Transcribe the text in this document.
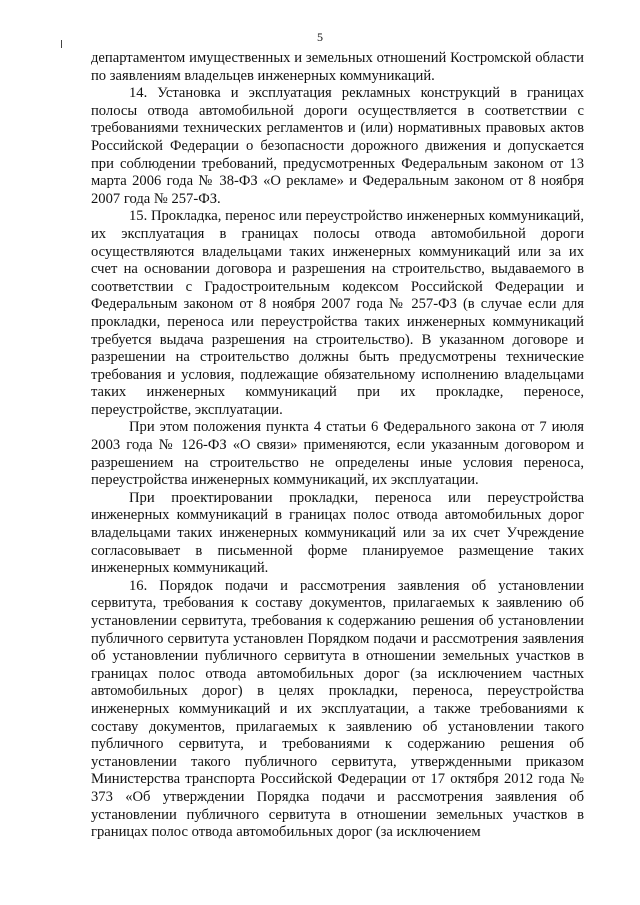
5

департаментом имущественных и земельных отношений Костромской области по заявлениям владельцев инженерных коммуникаций.

14. Установка и эксплуатация рекламных конструкций в границах полосы отвода автомобильной дороги осуществляется в соответствии с требованиями технических регламентов и (или) нормативных правовых актов Российской Федерации о безопасности дорожного движения и допускается при соблюдении требований, предусмотренных Федеральным законом от 13 марта 2006 года № 38-ФЗ «О рекламе» и Федеральным законом от 8 ноября 2007 года № 257-ФЗ.

15. Прокладка, перенос или переустройство инженерных коммуникаций, их эксплуатация в границах полосы отвода автомобильной дороги осуществляются владельцами таких инженерных коммуникаций или за их счет на основании договора и разрешения на строительство, выдаваемого в соответствии с Градостроительным кодексом Российской Федерации и Федеральным законом от 8 ноября 2007 года № 257-ФЗ (в случае если для прокладки, переноса или переустройства таких инженерных коммуникаций требуется выдача разрешения на строительство). В указанном договоре и разрешении на строительство должны быть предусмотрены технические требования и условия, подлежащие обязательному исполнению владельцами таких инженерных коммуникаций при их прокладке, переносе, переустройстве, эксплуатации.

При этом положения пункта 4 статьи 6 Федерального закона от 7 июля 2003 года № 126-ФЗ «О связи» применяются, если указанным договором и разрешением на строительство не определены иные условия переноса, переустройства инженерных коммуникаций, их эксплуатации.

При проектировании прокладки, переноса или переустройства инженерных коммуникаций в границах полос отвода автомобильных дорог владельцами таких инженерных коммуникаций или за их счет Учреждение согласовывает в письменной форме планируемое размещение таких инженерных коммуникаций.

16. Порядок подачи и рассмотрения заявления об установлении сервитута, требования к составу документов, прилагаемых к заявлению об установлении сервитута, требования к содержанию решения об установлении публичного сервитута установлен Порядком подачи и рассмотрения заявления об установлении публичного сервитута в отношении земельных участков в границах полос отвода автомобильных дорог (за исключением частных автомобильных дорог) в целях прокладки, переноса, переустройства инженерных коммуникаций и их эксплуатации, а также требованиями к составу документов, прилагаемых к заявлению об установлении такого публичного сервитута, и требованиями к содержанию решения об установлении такого публичного сервитута, утвержденными приказом Министерства транспорта Российской Федерации от 17 октября 2012 года № 373 «Об утверждении Порядка подачи и рассмотрения заявления об установлении публичного сервитута в отношении земельных участков в границах полос отвода автомобильных дорог (за исключением
